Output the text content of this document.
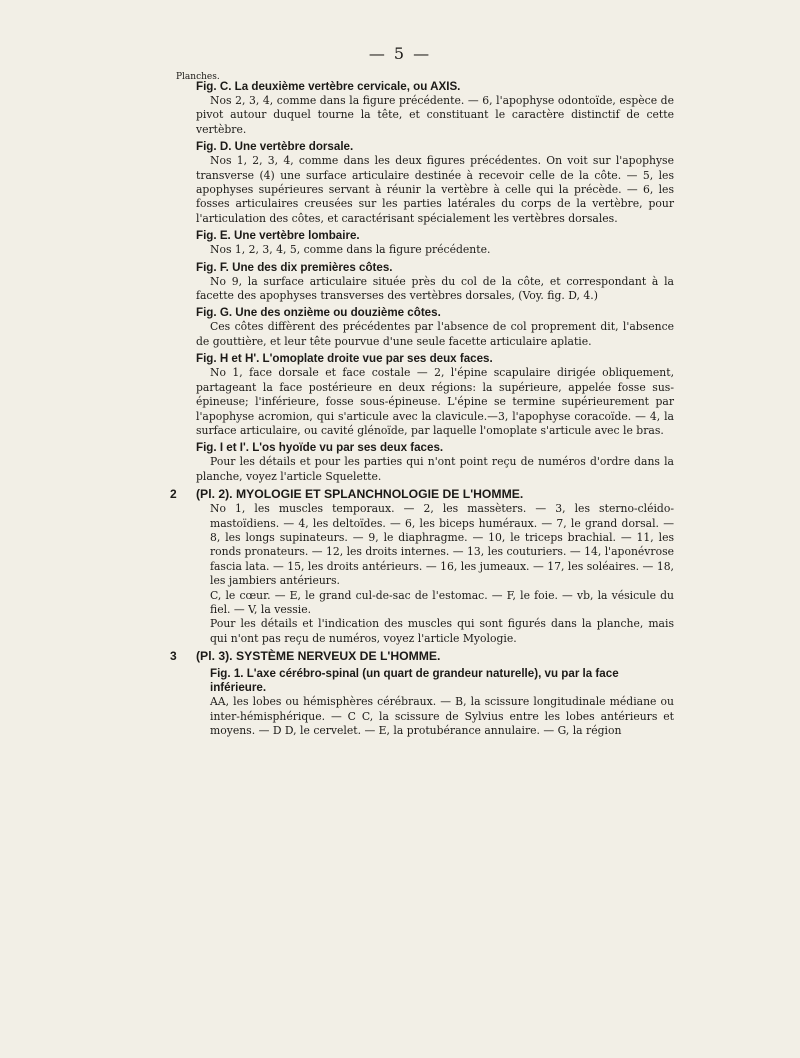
— 5 —
Planches.
Fig. C. La deuxième vertèbre cervicale, ou AXIS.
Nos 2, 3, 4, comme dans la figure précédente. — 6, l'apophyse odontoïde, espèce de pivot autour duquel tourne la tête, et constituant le caractère distinctif de cette vertèbre.
Fig. D. Une vertèbre dorsale.
Nos 1, 2, 3, 4, comme dans les deux figures précédentes. On voit sur l'apophyse transverse (4) une surface articulaire destinée à recevoir celle de la côte. — 5, les apophyses supérieures servant à réunir la vertèbre à celle qui la précède. — 6, les fosses articulaires creusées sur les parties latérales du corps de la vertèbre, pour l'articulation des côtes, et caractérisant spécialement les vertèbres dorsales.
Fig. E. Une vertèbre lombaire.
Nos 1, 2, 3, 4, 5, comme dans la figure précédente.
Fig. F. Une des dix premières côtes.
No 9, la surface articulaire située près du col de la côte, et correspondant à la facette des apophyses transverses des vertèbres dorsales, (Voy. fig. D, 4.)
Fig. G. Une des onzième ou douzième côtes.
Ces côtes diffèrent des précédentes par l'absence de col proprement dit, l'absence de gouttière, et leur tête pourvue d'une seule facette articulaire aplatie.
Fig. H et H'. L'omoplate droite vue par ses deux faces.
No 1, face dorsale et face costale — 2, l'épine scapulaire dirigée obliquement, partageant la face postérieure en deux régions: la supérieure, appelée fosse sus-épineuse; l'inférieure, fosse sous-épineuse. L'épine se termine supérieurement par l'apophyse acromion, qui s'articule avec la clavicule.—3, l'apophyse coracoïde. — 4, la surface articulaire, ou cavité glénoïde, par laquelle l'omoplate s'articule avec le bras.
Fig. I et I'. L'os hyoïde vu par ses deux faces.
Pour les détails et pour les parties qui n'ont point reçu de numéros d'ordre dans la planche, voyez l'article Squelette.
2 (Pl. 2). MYOLOGIE ET SPLANCHNOLOGIE DE L'HOMME.
No 1, les muscles temporaux. — 2, les massèters. — 3, les sterno-cléido-mastoïdiens. — 4, les deltoïdes. — 6, les biceps huméraux. — 7, le grand dorsal. — 8, les longs supinateurs. — 9, le diaphragme. — 10, le triceps brachial. — 11, les ronds pronateurs. — 12, les droits internes. — 13, les couturiers. — 14, l'aponévrose fascia lata. — 15, les droits antérieurs. — 16, les jumeaux. — 17, les soléaires. — 18, les jambiers antérieurs.
C, le cœur. — E, le grand cul-de-sac de l'estomac. — F, le foie. — vb, la vésicule du fiel. — V, la vessie.
Pour les détails et l'indication des muscles qui sont figurés dans la planche, mais qui n'ont pas reçu de numéros, voyez l'article Myologie.
3 (Pl. 3). SYSTÈME NERVEUX DE L'HOMME.
Fig. 1. L'axe cérébro-spinal (un quart de grandeur naturelle), vu par la face inférieure.
AA, les lobes ou hémisphères cérébraux. — B, la scissure longitudinale médiane ou inter-hémisphérique. — C C, la scissure de Sylvius entre les lobes antérieurs et moyens. — D D, le cervelet. — E, la protubérance annulaire. — G, la région
